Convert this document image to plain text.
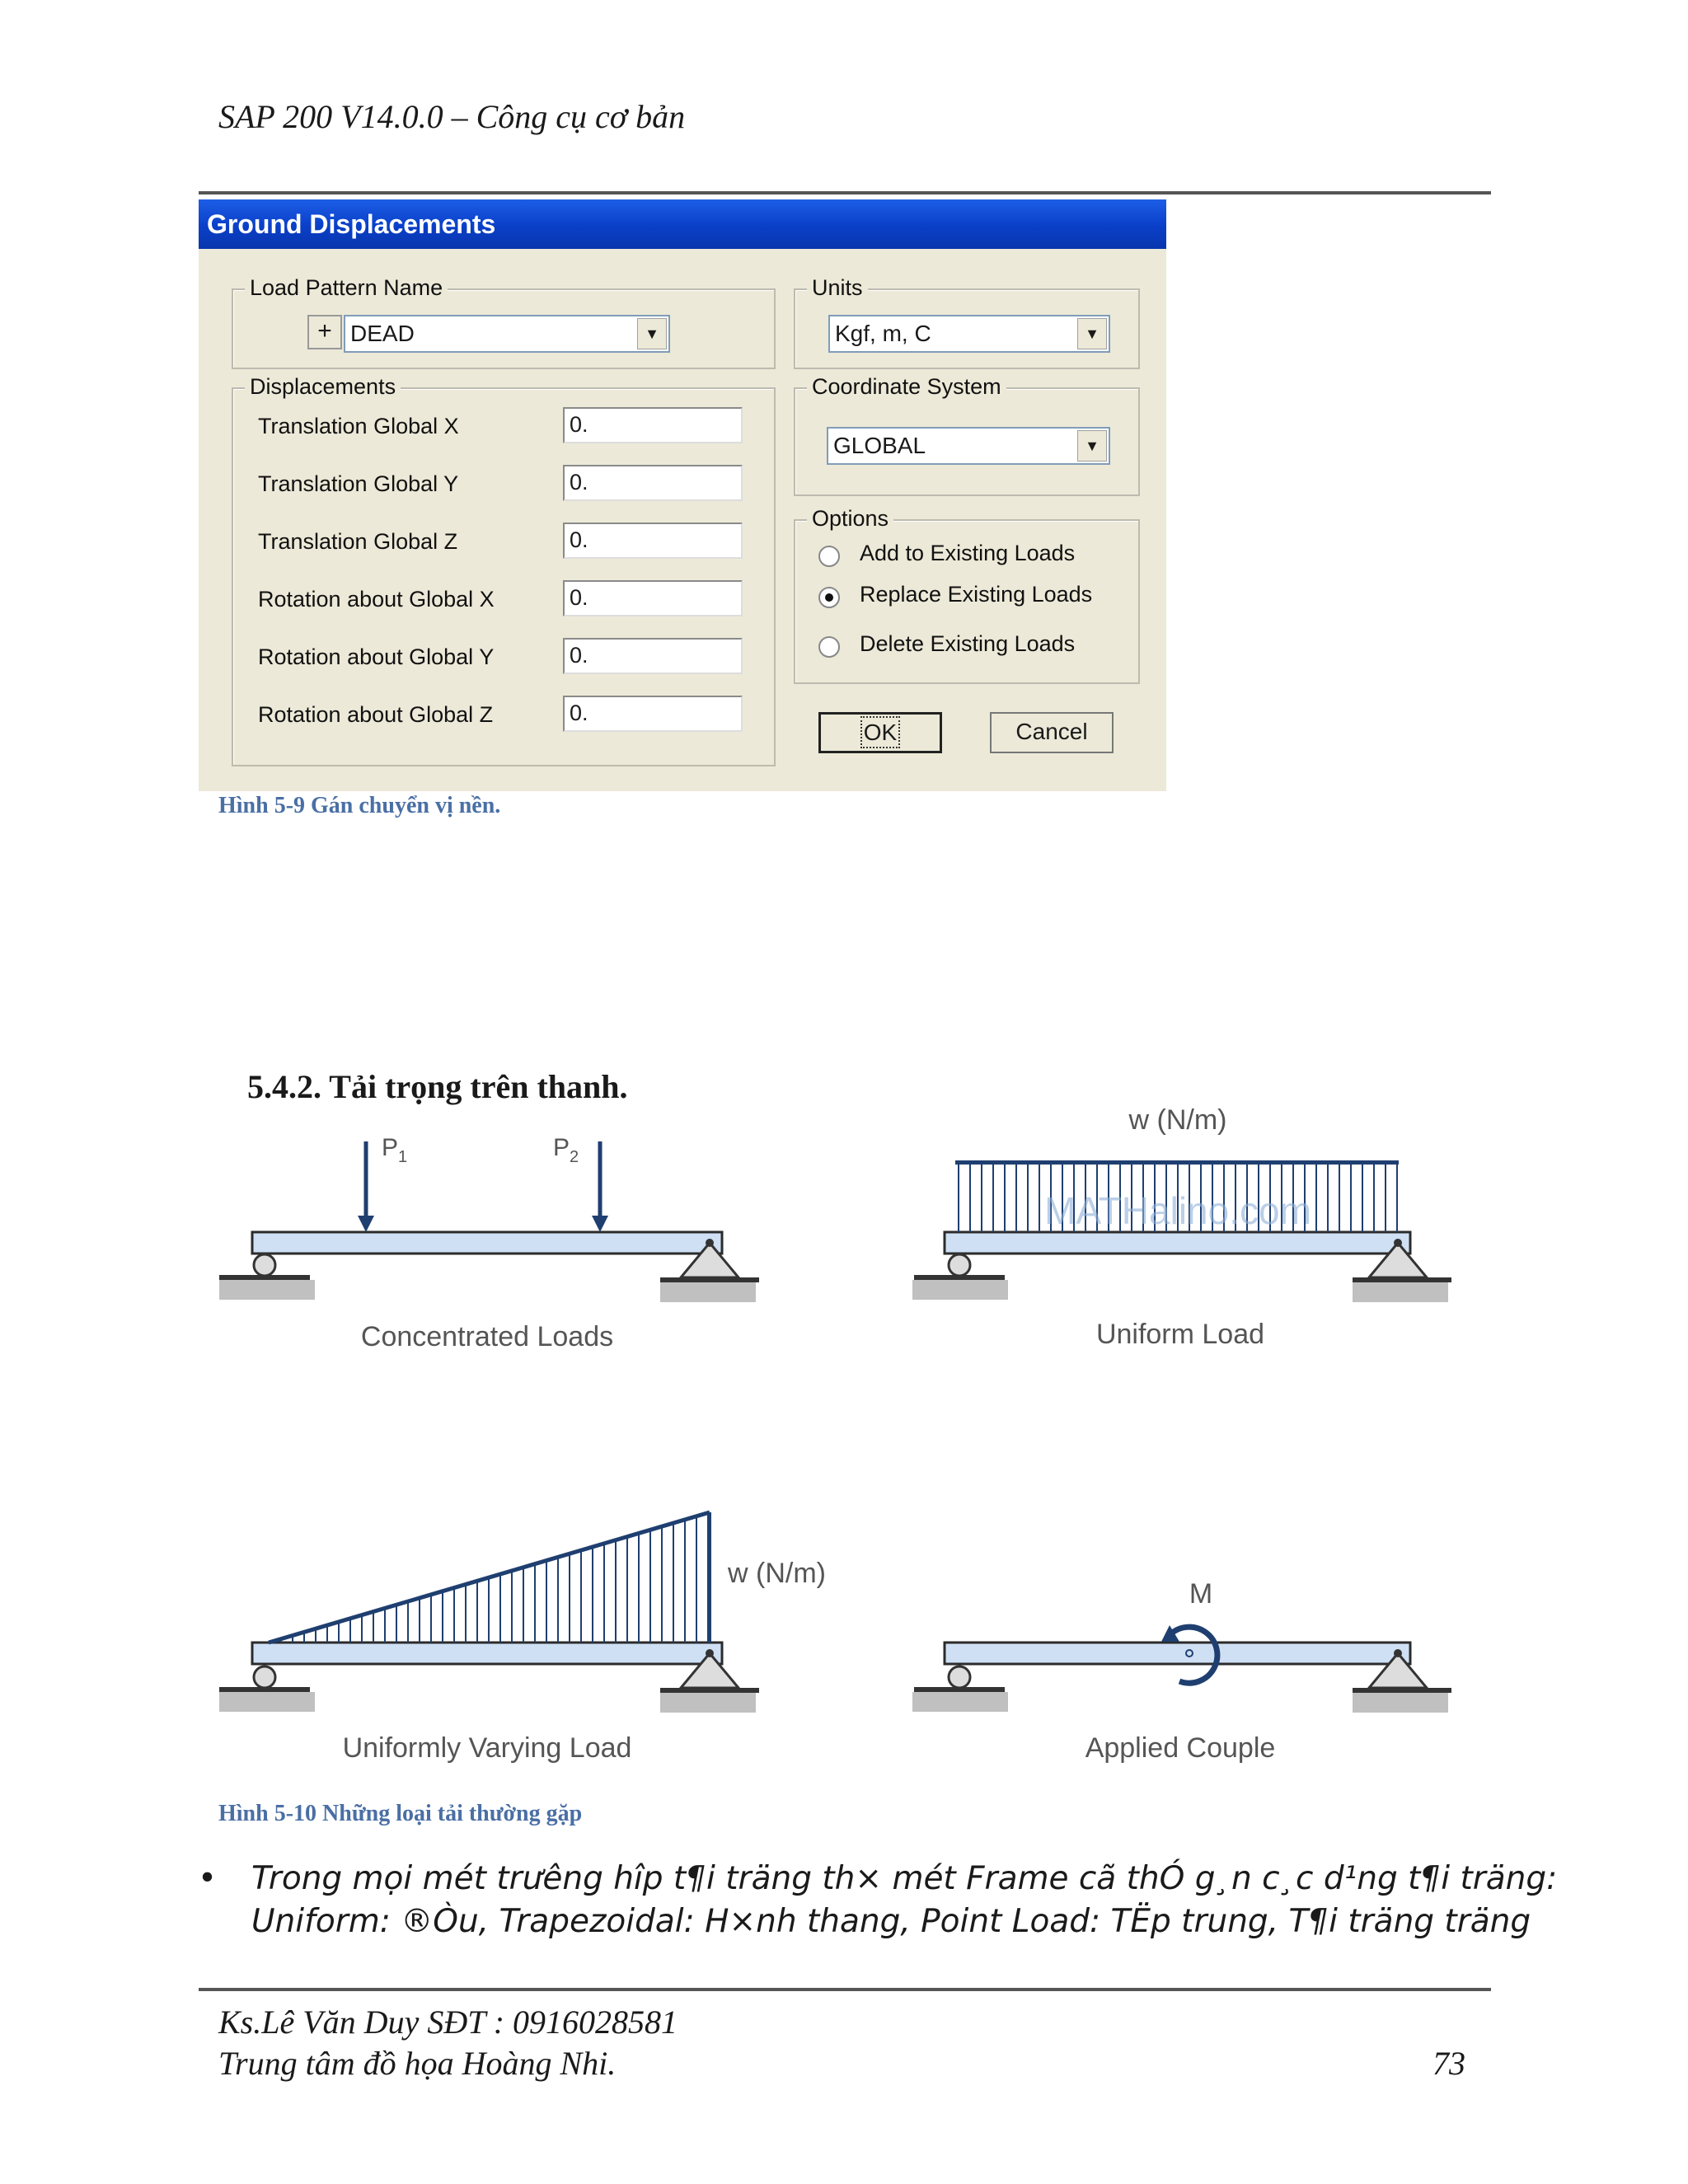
SAP 200 V14.0.0 – Công cụ cơ bản
Ground Displacements
Load Pattern Name
+ DEAD	▼
Units
Kgf, m, C	▼
Displacements
Translation Global X	0.
Translation Global Y	0.
Translation Global Z	0.
Rotation about Global X	0.
Rotation about Global Y	0.
Rotation about Global Z	0.
Coordinate System
GLOBAL	▼
Options
Add to Existing Loads
Replace Existing Loads
Delete Existing Loads
OK	Cancel
Hình 5-9 Gán chuyển vị nền.
5.4.2. Tải trọng trên thanh.
$P_1$	$P_2$
Concentrated Loads
MATHalino.com
w (N/m)
Uniform Load
w (N/m)
Uniformly Varying Load
M
Applied Couple
Hình 5-10 Những loại tải thường gặp
• Trong mọi mét trưêng hîp t¶i träng th× mét Frame cã thÓ g¸n c¸c d¹ng t¶i träng:
Uniform: ®Òu, Trapezoidal: H×nh thang, Point Load: TËp trung, T¶i träng träng
Ks.Lê Văn Duy SĐT : 0916028581
Trung tâm đồ họa Hoàng Nhi.	73
